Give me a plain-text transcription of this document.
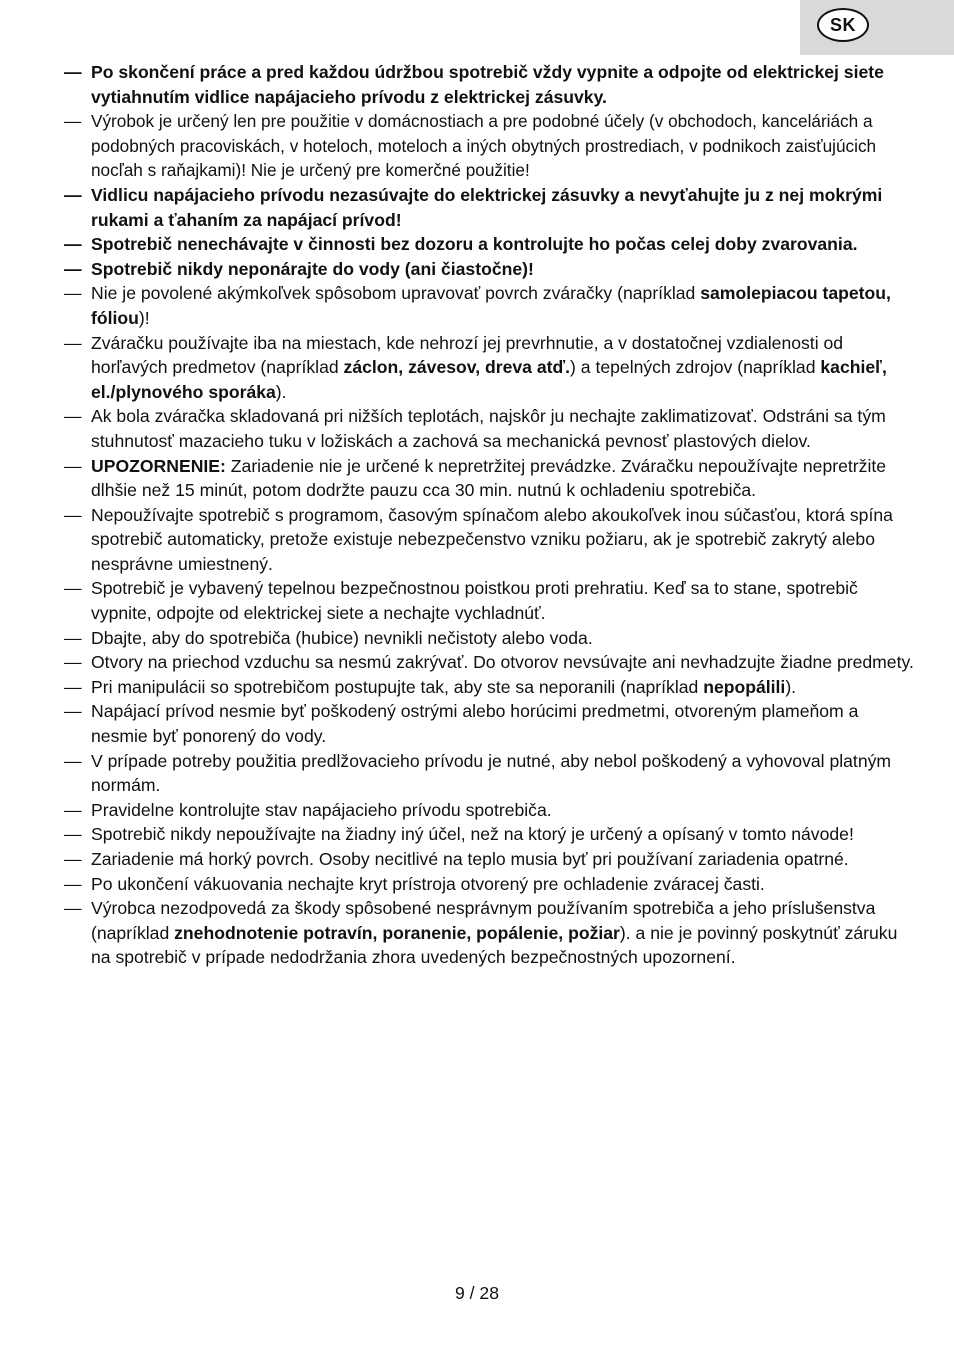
SK
— Po skončení práce a pred každou údržbou spotrebič vždy vypnite a odpojte od elektrickej siete vytiahnutím vidlice napájacieho prívodu z elektrickej zásuvky.
— Výrobok je určený len pre použitie v domácnostiach a pre podobné účely (v obchodoch, kanceláriách a podobných pracoviskách, v hoteloch, moteloch a iných obytných prostrediach, v podnikoch zaisťujúcich nocľah s raňajkami)! Nie je určený pre komerčné použitie!
— Vidlicu napájacieho prívodu nezasúvajte do elektrickej zásuvky a nevyťahujte ju z nej mokrými rukami a ťahaním za napájací prívod!
— Spotrebič nenechávajte v činnosti bez dozoru a kontrolujte ho počas celej doby zvarovania.
— Spotrebič nikdy neponárajte do vody (ani čiastočne)!
— Nie je povolené akýmkoľvek spôsobom upravovať povrch zváračky (napríklad samolepiacou tapetou, fóliou)!
— Zváračku používajte iba na miestach, kde nehrozí jej prevrhnutie, a v dostatočnej vzdialenosti od horľavých predmetov (napríklad záclon, závesov, dreva atď.) a tepelných zdrojov (napríklad kachieľ, el./plynového sporáka).
— Ak bola zváračka skladovaná pri nižších teplotách, najskôr ju nechajte zaklimatizovať. Odstráni sa tým stuhnutosť mazacieho tuku v ložiskách a zachová sa mechanická pevnosť plastových dielov.
— UPOZORNENIE: Zariadenie nie je určené k nepretržitej prevádzke. Zváračku nepoužívajte nepretržite dlhšie než 15 minút, potom dodržte pauzu cca 30 min. nutnú k ochladeniu spotrebiča.
— Nepoužívajte spotrebič s programom, časovým spínačom alebo akoukoľvek inou súčasťou, ktorá spína spotrebič automaticky, pretože existuje nebezpečenstvo vzniku požiaru, ak je spotrebič zakrytý alebo nesprávne umiestnený.
— Spotrebič je vybavený tepelnou bezpečnostnou poistkou proti prehratiu. Keď sa to stane, spotrebič vypnite, odpojte od elektrickej siete a nechajte vychladnúť.
— Dbajte, aby do spotrebiča (hubice) nevnikli nečistoty alebo voda.
— Otvory na priechod vzduchu sa nesmú zakrývať. Do otvorov nevsúvajte ani nevhadzujte žiadne predmety.
— Pri manipulácii so spotrebičom postupujte tak, aby ste sa neporanili (napríklad nepopálili).
— Napájací prívod nesmie byť poškodený ostrými alebo horúcimi predmetmi, otvoreným plameňom a nesmie byť ponorený do vody.
— V prípade potreby použitia predlžovacieho prívodu je nutné, aby nebol poškodený a vyhovoval platným normám.
— Pravidelne kontrolujte stav napájacieho prívodu spotrebiča.
— Spotrebič nikdy nepoužívajte na žiadny iný účel, než na ktorý je určený a opísaný v tomto návode!
— Zariadenie má horký povrch. Osoby necitlivé na teplo musia byť pri používaní zariadenia opatrné.
— Po ukončení vákuovania nechajte kryt prístroja otvorený pre ochladenie zváracej časti.
— Výrobca nezodpovedá za škody spôsobené nesprávnym používaním spotrebiča a jeho príslušenstva (napríklad znehodnotenie potravín, poranenie, popálenie, požiar). a nie je povinný poskytnúť záruku na spotrebič v prípade nedodržania zhora uvedených bezpečnostných upozornení.
9 / 28
